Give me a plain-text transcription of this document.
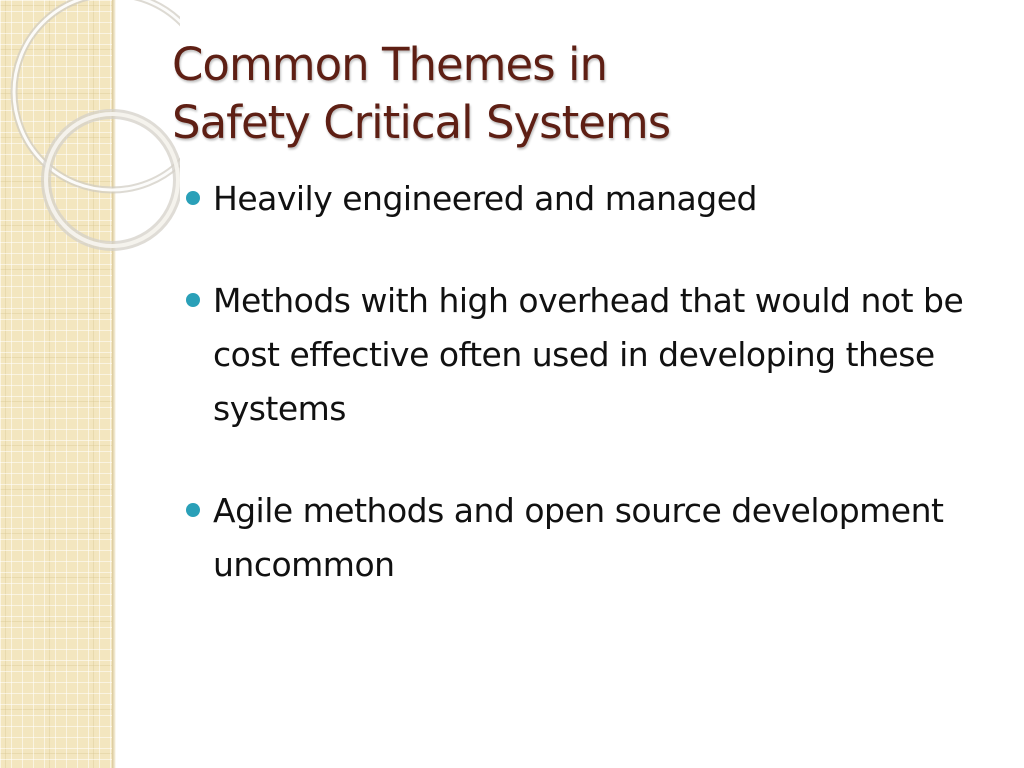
Common Themes in
Safety Critical Systems
Heavily engineered and managed
Methods with high overhead that would not be cost effective often used in developing these systems
Agile methods and open source development uncommon
